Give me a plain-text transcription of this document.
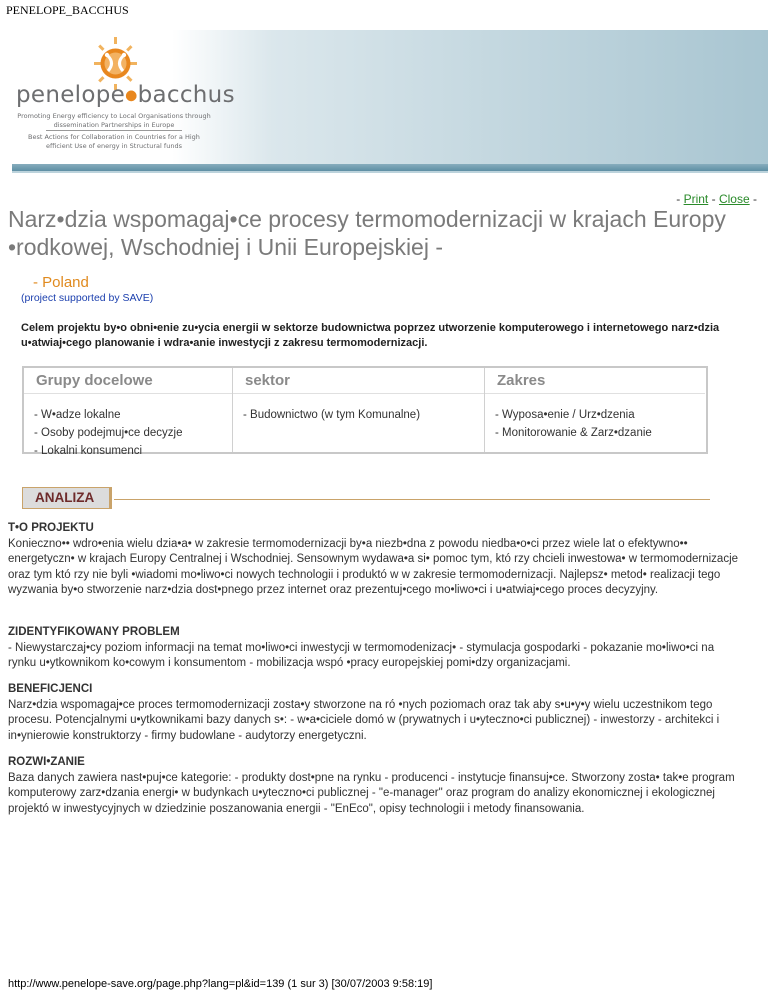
PENELOPE_BACCHUS
penelope●bacchus
Promoting Energy efficiency to Local Organisations through dissemination Partnerships in Europe
Best Actions for Collaboration in Countries for a High efficient Use of energy in Structural funds
- Print - Close -
Narz•dzia wspomagaj•ce procesy termomodernizacji w krajach Europy •rodkowej, Wschodniej i Unii Europejskiej -
- Poland
(project supported by SAVE)
Celem projektu by•o obni•enie zu•ycia energii w sektorze budownictwa poprzez utworzenie komputerowego i internetowego narz•dzia u•atwiaj•cego planowanie i wdra•anie inwestycji z zakresu termomodernizacji.
Grupy docelowe
- W•adze lokalne
- Osoby podejmuj•ce decyzje
- Lokalni konsumenci
sektor
- Budownictwo (w tym Komunalne)
Zakres
- Wyposa•enie / Urz•dzenia
- Monitorowanie & Zarz•dzanie
ANALIZA
T•O PROJEKTU

Konieczno•• wdro•enia wielu dzia•a• w zakresie termomodernizacji by•a niezb•dna z powodu niedba•o•ci przez wiele lat o efektywno•• energetyczn• w krajach Europy Centralnej i Wschodniej. Sensownym wydawa•a si• pomoc tym, któ rzy chcieli inwestowa• w termomodernizacje oraz tym któ rzy nie byli •wiadomi mo•liwo•ci nowych technologii i produktó w w zakresie termomodernizacji. Najlepsz• metod• realizacji tego wyzwania by•o stworzenie narz•dzia dost•pnego przez internet oraz prezentuj•cego mo•liwo•ci i u•atwiaj•cego proces decyzyjny.

ZIDENTYFIKOWANY PROBLEM

- Niewystarczaj•cy poziom informacji na temat mo•liwo•ci inwestycji w termomodenizacj• - stymulacja gospodarki - pokazanie mo•liwo•ci na rynku u•ytkownikom ko•cowym i konsumentom - mobilizacja wspó •pracy europejskiej pomi•dzy organizacjami.

BENEFICJENCI

Narz•dzia wspomagaj•ce proces termomodernizacji zosta•y stworzone na ró •nych poziomach oraz tak aby s•u•y•y wielu uczestnikom tego procesu. Potencjalnymi u•ytkownikami bazy danych s•: - w•a•ciciele domó w (prywatnych i u•yteczno•ci publicznej) - inwestorzy - architekci i in•ynierowie konstruktorzy - firmy budowlane - audytorzy energetyczni.

ROZWI•ZANIE

Baza danych zawiera nast•puj•ce kategorie: - produkty dost•pne na rynku - producenci - instytucje finansuj•ce. Stworzony zosta• tak•e program komputerowy zarz•dzania energi• w budynkach u•yteczno•ci publicznej - "e-manager" oraz program do analizy ekonomicznej i ekologicznej projektó w inwestycyjnych w dziedzinie poszanowania energii - "EnEco", opisy technologii i metody finansowania.

http://www.penelope-save.org/page.php?lang=pl&id=139 (1 sur 3) [30/07/2003 9:58:19]
